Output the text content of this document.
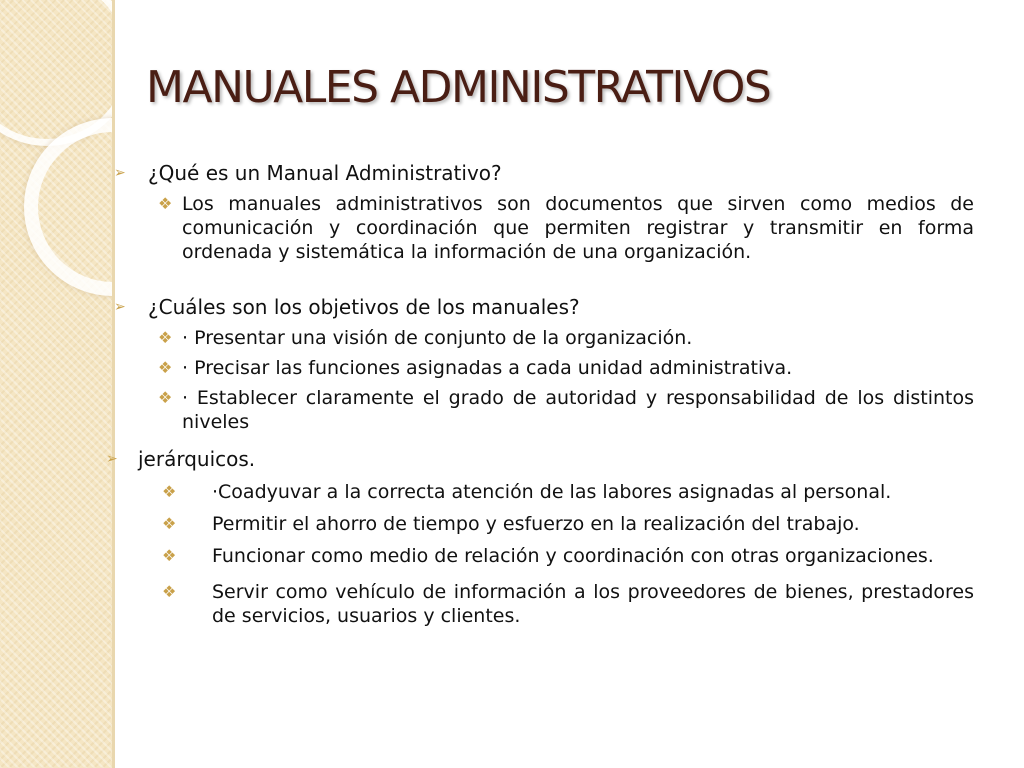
MANUALES ADMINISTRATIVOS
➢ ¿Qué es un Manual Administrativo?
❖ Los manuales administrativos son documentos que sirven como medios de comunicación y coordinación que permiten registrar y transmitir en forma ordenada y sistemática la información de una organización.
➢ ¿Cuáles son los objetivos de los manuales?
❖ · Presentar una visión de conjunto de la organización.
❖ · Precisar las funciones asignadas a cada unidad administrativa.
❖ · Establecer claramente el grado de autoridad y responsabilidad de los distintos niveles
➢ jerárquicos.
❖ ·Coadyuvar a la correcta atención de las labores asignadas al personal.
❖ Permitir el ahorro de tiempo y esfuerzo en la realización del trabajo.
❖ Funcionar como medio de relación y coordinación con otras organizaciones.
❖ Servir como vehículo de información a los proveedores de bienes, prestadores de servicios, usuarios y clientes.
